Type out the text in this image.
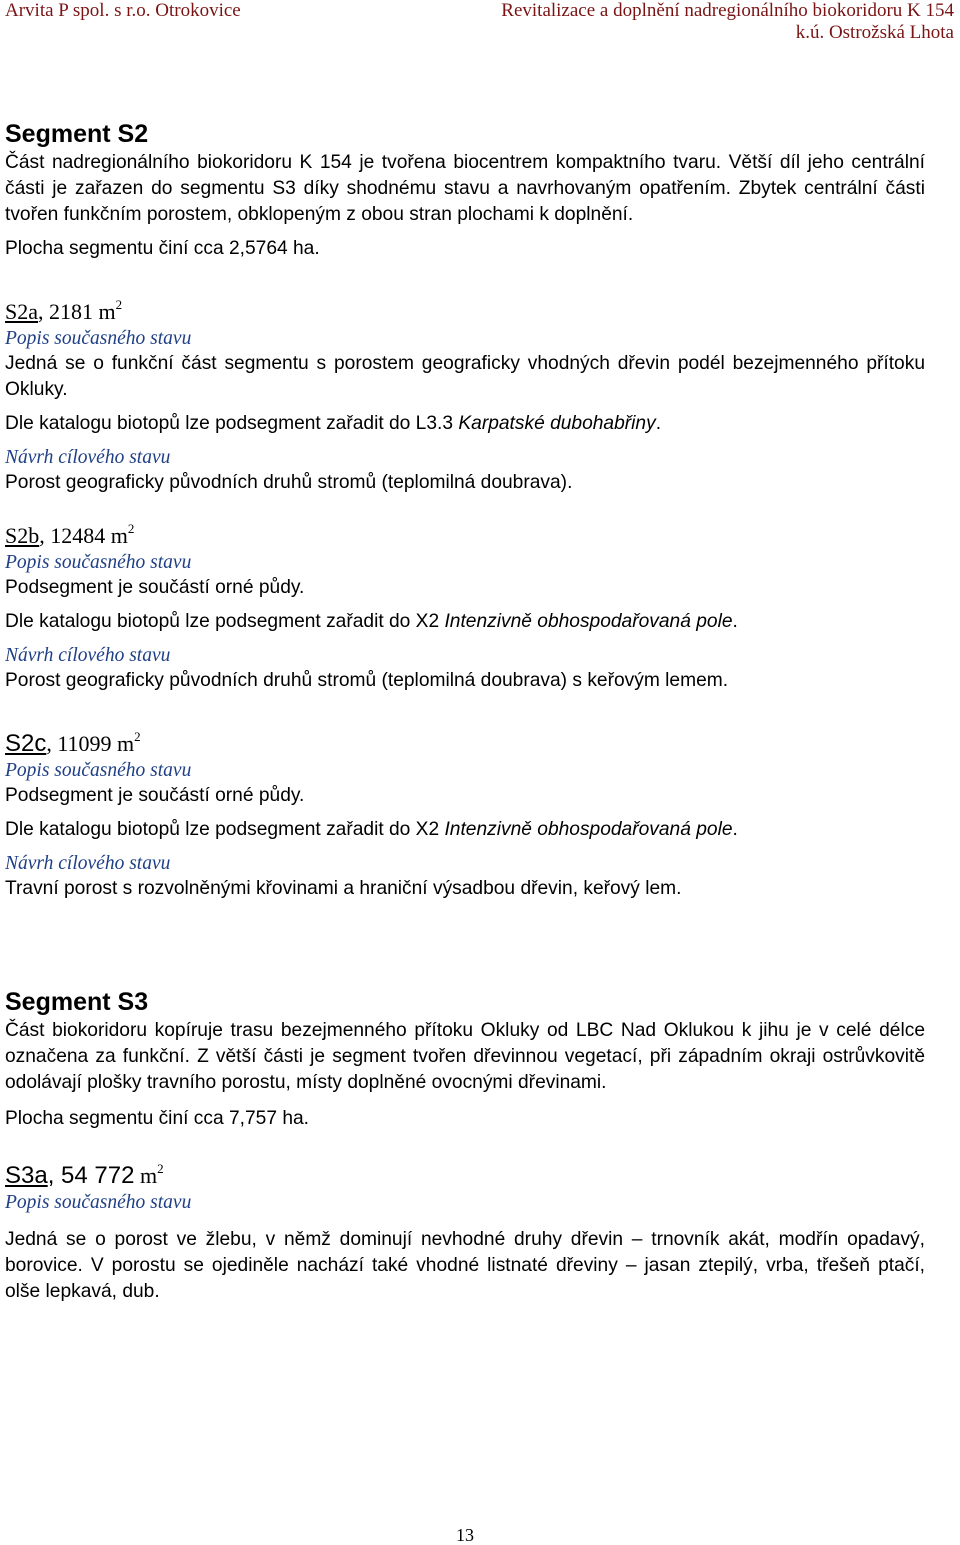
Arvita P spol. s r.o. Otrokovice	Revitalizace a doplnění nadregionálního biokoridoru K 154
k.ú. Ostrožská Lhota
Segment S2

Část nadregionálního biokoridoru K 154 je tvořena biocentrem kompaktního tvaru. Větší díl jeho centrální části je zařazen do segmentu S3 díky shodnému stavu a navrhovaným opatřením. Zbytek centrální části tvořen funkčním porostem, obklopeným z obou stran plochami k doplnění.

Plocha segmentu činí cca 2,5764 ha.

S2a, 2181 $m^2$

Popis současného stavu

Jedná se o funkční část segmentu s porostem geograficky vhodných dřevin podél bezejmenného přítoku Okluky.

Dle katalogu biotopů lze podsegment zařadit do L3.3 Karpatské dubohabřiny.

Návrh cílového stavu

Porost geograficky původních druhů stromů (teplomilná doubrava).

S2b, 12484 $m^2$

Popis současného stavu

Podsegment je součástí orné půdy.

Dle katalogu biotopů lze podsegment zařadit do X2 Intenzivně obhospodařovaná pole.

Návrh cílového stavu

Porost geograficky původních druhů stromů (teplomilná doubrava) s keřovým lemem.

S2c, 11099 $m^2$

Popis současného stavu

Podsegment je součástí orné půdy.

Dle katalogu biotopů lze podsegment zařadit do X2 Intenzivně obhospodařovaná pole.

Návrh cílového stavu

Travní porost s rozvolněnými křovinami a hraniční výsadbou dřevin, keřový lem.

Segment S3

Část biokoridoru kopíruje trasu bezejmenného přítoku Okluky od LBC Nad Oklukou k jihu je v celé délce označena za funkční. Z větší části je segment tvořen dřevinnou vegetací, při západním okraji ostrůvkovitě odolávají plošky travního porostu, místy doplněné ovocnými dřevinami.

Plocha segmentu činí cca 7,757 ha.

S3a, 54 772 $m^2$

Popis současného stavu

Jedná se o porost ve žlebu, v němž dominují nevhodné druhy dřevin – trnovník akát, modřín opadavý, borovice. V porostu se ojediněle nachází také vhodné listnaté dřeviny – jasan ztepilý, vrba, třešeň ptačí, olše lepkavá, dub.

13
